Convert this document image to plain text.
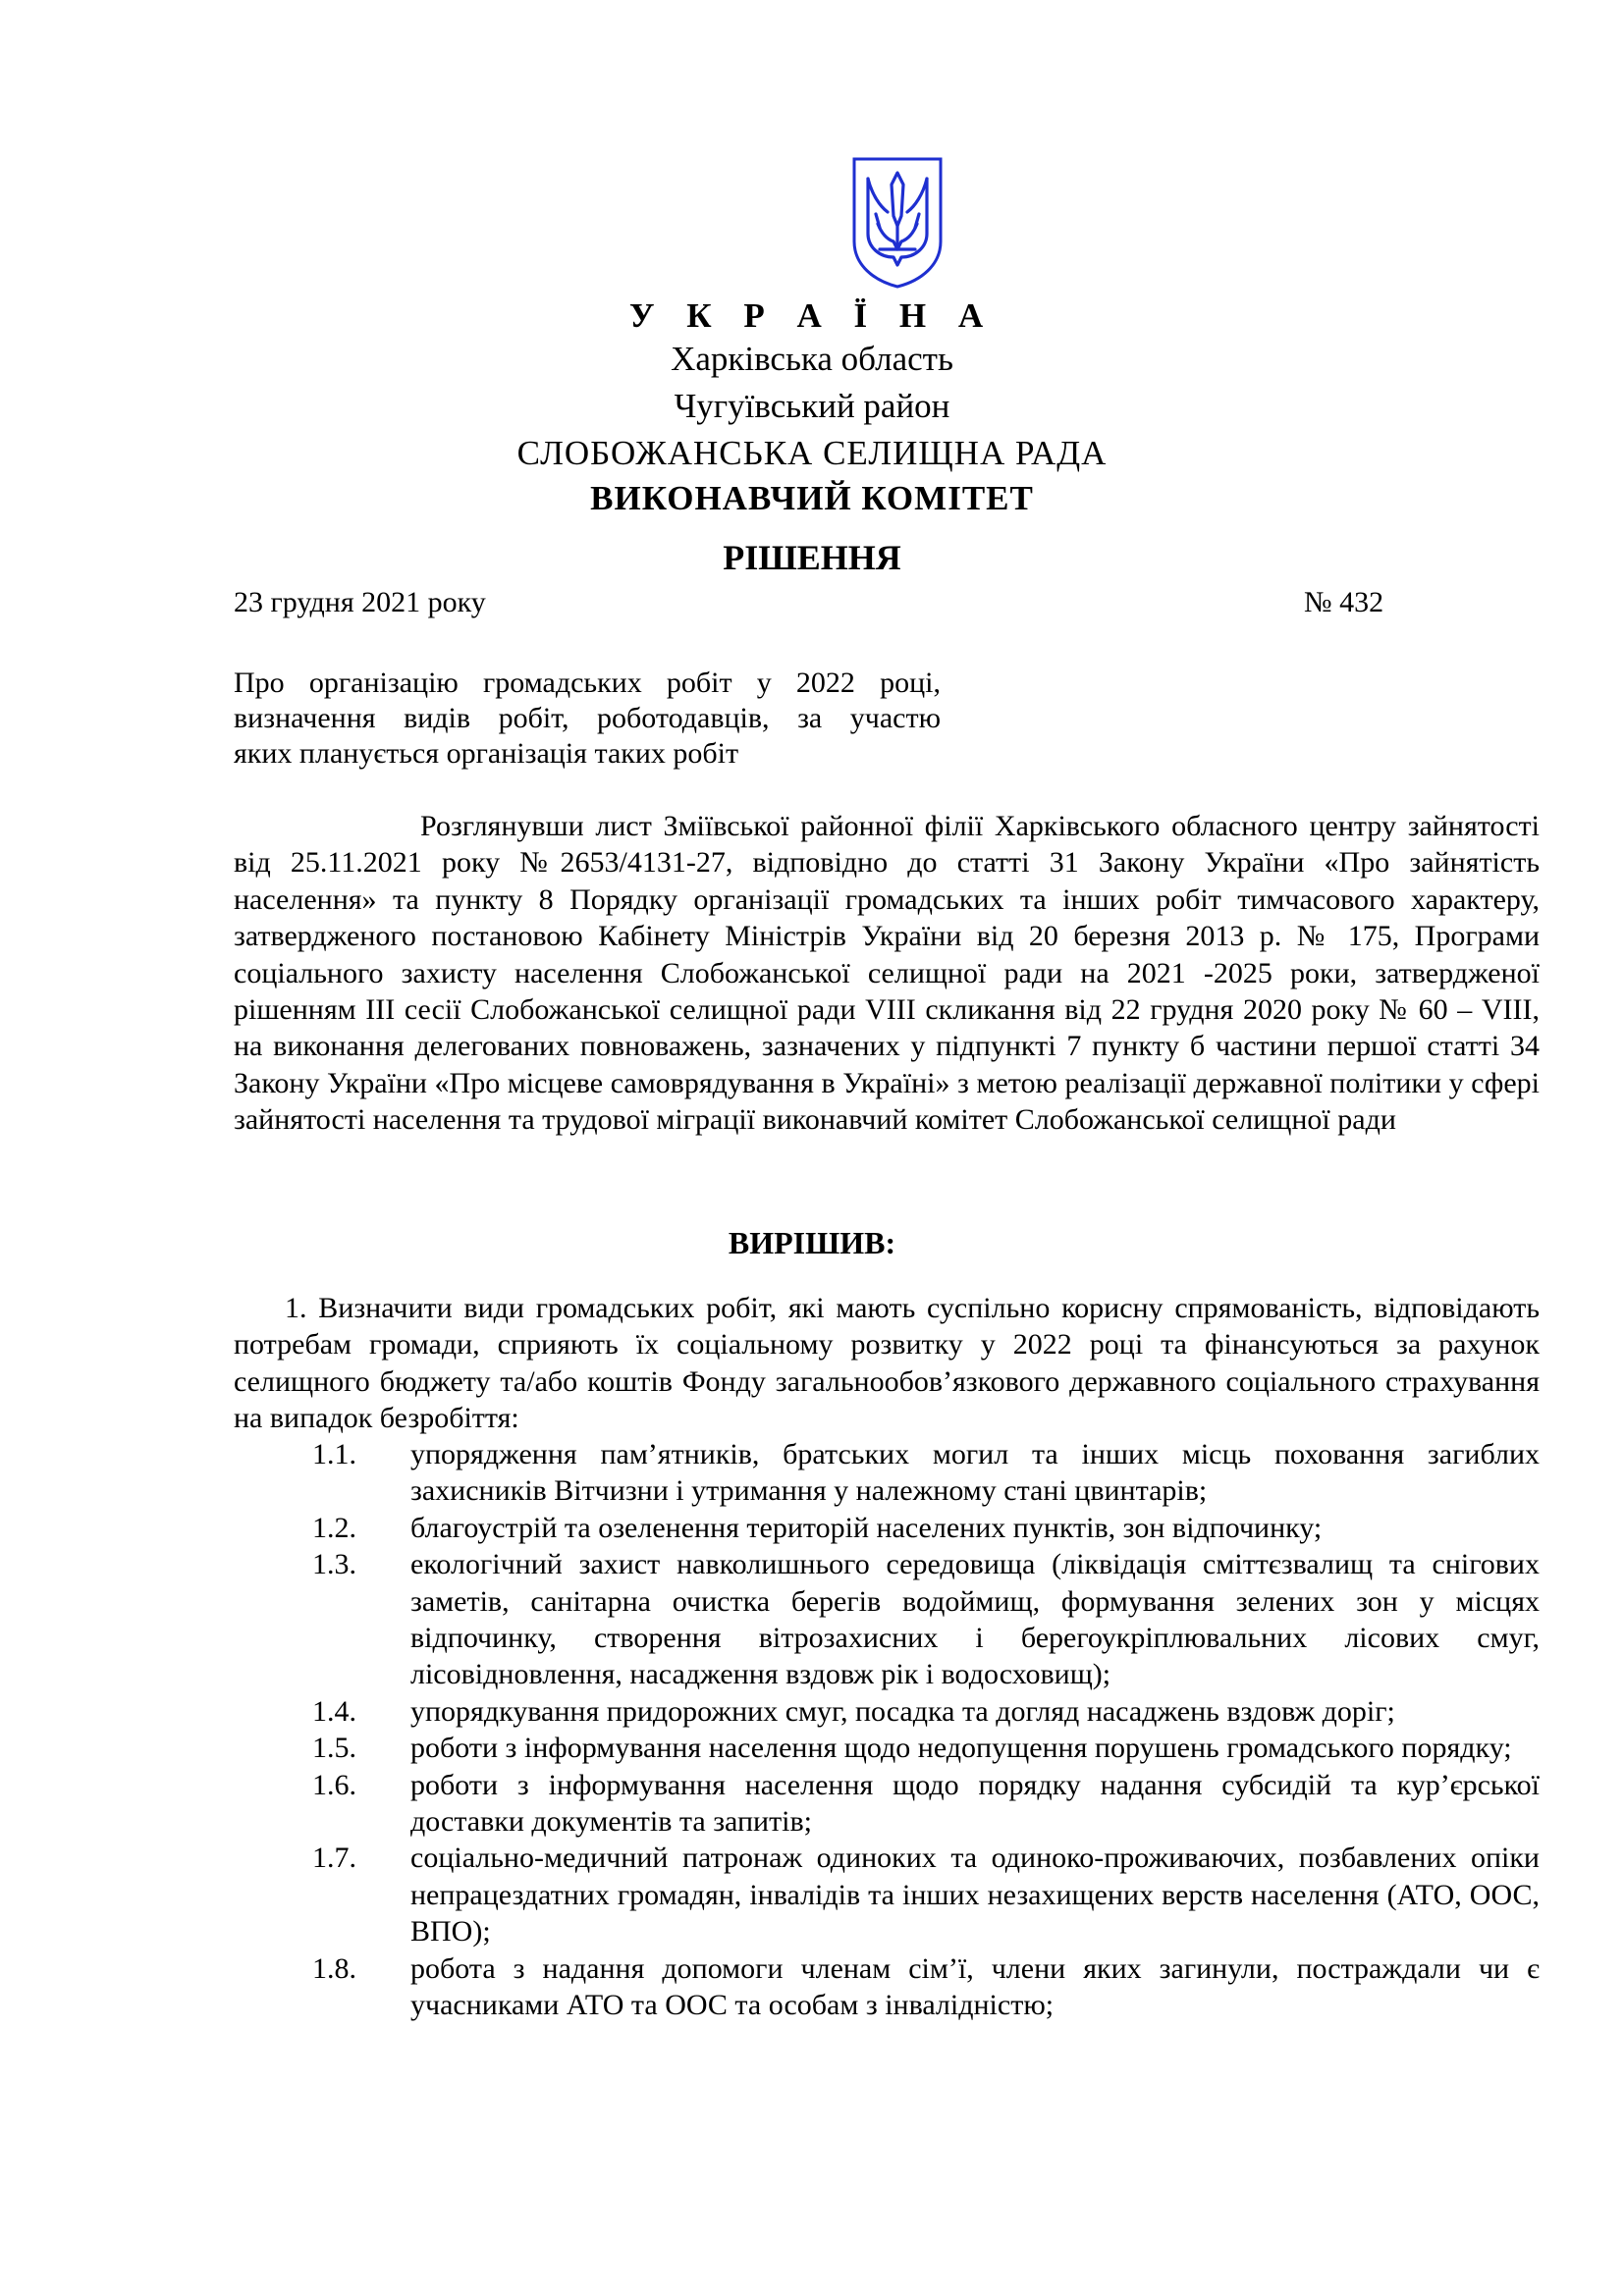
У К Р А Ї Н А
Харківська область
Чугуївський район
СЛОБОЖАНСЬКА СЕЛИЩНА РАДА
ВИКОНАВЧИЙ КОМІТЕТ
РІШЕННЯ
23 грудня 2021 року	№ 432
Про організацію громадських робіт у 2022 році,
визначення видів робіт, роботодавців, за участю
яких планується організація таких робіт
Розглянувши лист Зміївської районної філії Харківського обласного центру зайнятості від 25.11.2021 року №2653/4131-27, відповідно до статті 31 Закону України «Про зайнятість населення» та пункту 8 Порядку організації громадських та інших робіт тимчасового характеру, затвердженого постановою Кабінету Міністрів України від 20 березня 2013 р. № 175, Програми соціального захисту населення Слобожанської селищної ради на 2021 -2025 роки, затвердженої рішенням ІІІ сесії Слобожанської селищної ради VIII скликання від 22 грудня 2020 року № 60 – VIII, на виконання делегованих повноважень, зазначених у підпункті 7 пункту б частини першої статті 34 Закону України «Про місцеве самоврядування в Україні» з метою реалізації державної політики у сфері зайнятості населення та трудової міграції виконавчий комітет Слобожанської селищної ради
ВИРІШИВ:
1. Визначити види громадських робіт, які мають суспільно корисну спрямованість, відповідають потребам громади, сприяють їх соціальному розвитку у 2022 році та фінансуються за рахунок селищного бюджету та/або коштів Фонду загальнообов’язкового державного соціального страхування на випадок безробіття:
1.1.	упорядження пам’ятників, братських могил та інших місць поховання загиблих захисників Вітчизни і утримання у належному стані цвинтарів;
1.2.	благоустрій та озеленення територій населених пунктів, зон відпочинку;
1.3.	екологічний захист навколишнього середовища (ліквідація сміттєзвалищ та снігових заметів, санітарна очистка берегів водоймищ, формування зелених зон у місцях відпочинку, створення вітрозахисних і берегоукріплювальних лісових смуг, лісовідновлення, насадження вздовж рік і водосховищ);
1.4.	упорядкування придорожних смуг, посадка та догляд насаджень вздовж доріг;
1.5.	роботи з інформування населення щодо недопущення порушень громадського порядку;
1.6.	роботи з інформування населення щодо порядку надання субсидій та кур’єрської доставки документів та запитів;
1.7.	соціально-медичний патронаж одиноких та одиноко-проживаючих, позбавлених опіки непрацездатних громадян, інвалідів та інших незахищених верств населення (АТО, ООС, ВПО);
1.8.	робота з надання допомоги членам сім’ї, члени яких загинули, постраждали чи є учасниками АТО та ООС та особам з інвалідністю;
